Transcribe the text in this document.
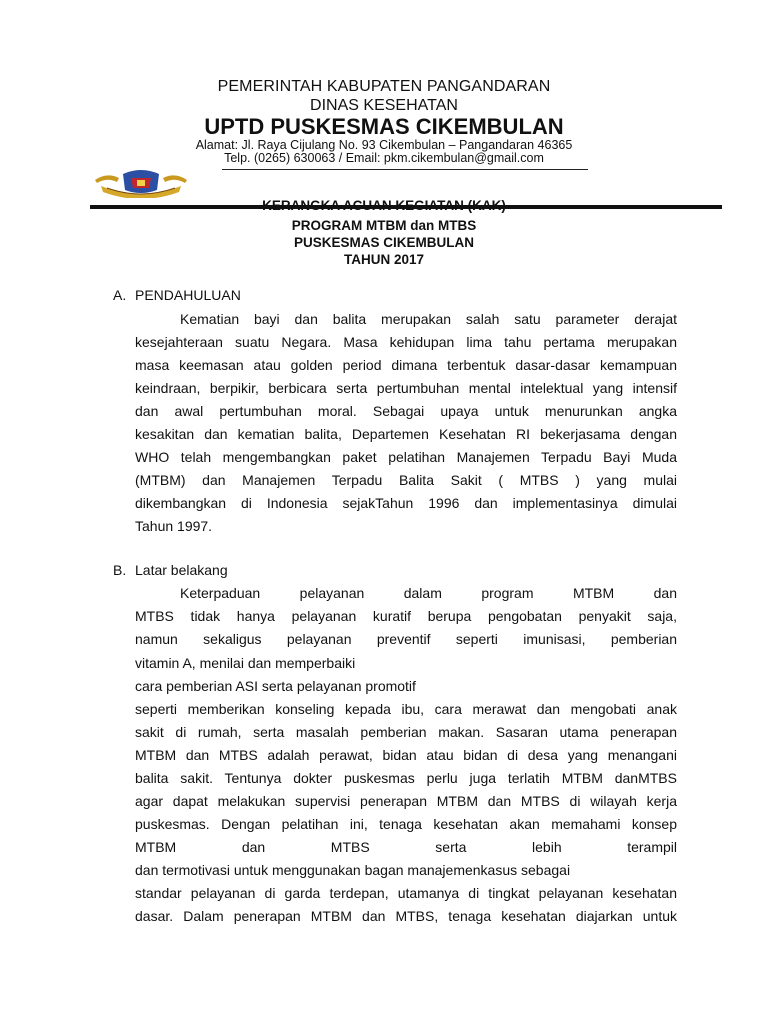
PEMERINTAH KABUPATEN PANGANDARAN
DINAS KESEHATAN
UPTD PUSKESMAS CIKEMBULAN
Alamat: Jl. Raya Cijulang No. 93 Cikembulan – Pangandaran 46365
Telp. (0265) 630063 / Email: pkm.cikembulan@gmail.com
KERANGKA ACUAN KEGIATAN (KAK)
PROGRAM MTBM dan MTBS
PUSKESMAS CIKEMBULAN
TAHUN 2017
A. PENDAHULUAN
Kematian bayi dan balita merupakan salah satu parameter derajat
kesejahteraan suatu Negara. Masa kehidupan lima tahu pertama merupakan
masa keemasan atau golden period dimana terbentuk dasar-dasar kemampuan
keindraan, berpikir, berbicara serta pertumbuhan mental intelektual yang intensif
dan awal pertumbuhan moral. Sebagai upaya untuk menurunkan angka
kesakitan dan kematian balita, Departemen Kesehatan RI bekerjasama dengan
WHO telah mengembangkan paket pelatihan Manajemen Terpadu Bayi Muda
(MTBM) dan Manajemen Terpadu Balita Sakit ( MTBS ) yang mulai
dikembangkan di Indonesia sejakTahun 1996 dan implementasinya dimulai
Tahun 1997.
B. Latar belakang
Keterpaduan pelayanan dalam program MTBM dan
MTBS tidak hanya pelayanan kuratif berupa pengobatan penyakit saja,
namun sekaligus pelayanan preventif seperti imunisasi, pemberian
vitamin A, menilai dan memperbaiki
cara pemberian ASI serta pelayanan promotif
seperti memberikan konseling kepada ibu, cara merawat dan mengobati anak
sakit di rumah, serta masalah pemberian makan. Sasaran utama penerapan
MTBM dan MTBS adalah perawat, bidan atau bidan di desa yang menangani
balita sakit. Tentunya dokter puskesmas perlu juga terlatih MTBM danMTBS
agar dapat melakukan supervisi penerapan MTBM dan MTBS di wilayah kerja
puskesmas. Dengan pelatihan ini, tenaga kesehatan akan memahami konsep
MTBM dan MTBS serta lebih terampil
dan termotivasi untuk menggunakan bagan manajemenkasus sebagai
standar pelayanan di garda terdepan, utamanya di tingkat pelayanan kesehatan
dasar. Dalam penerapan MTBM dan MTBS, tenaga kesehatan diajarkan untuk
